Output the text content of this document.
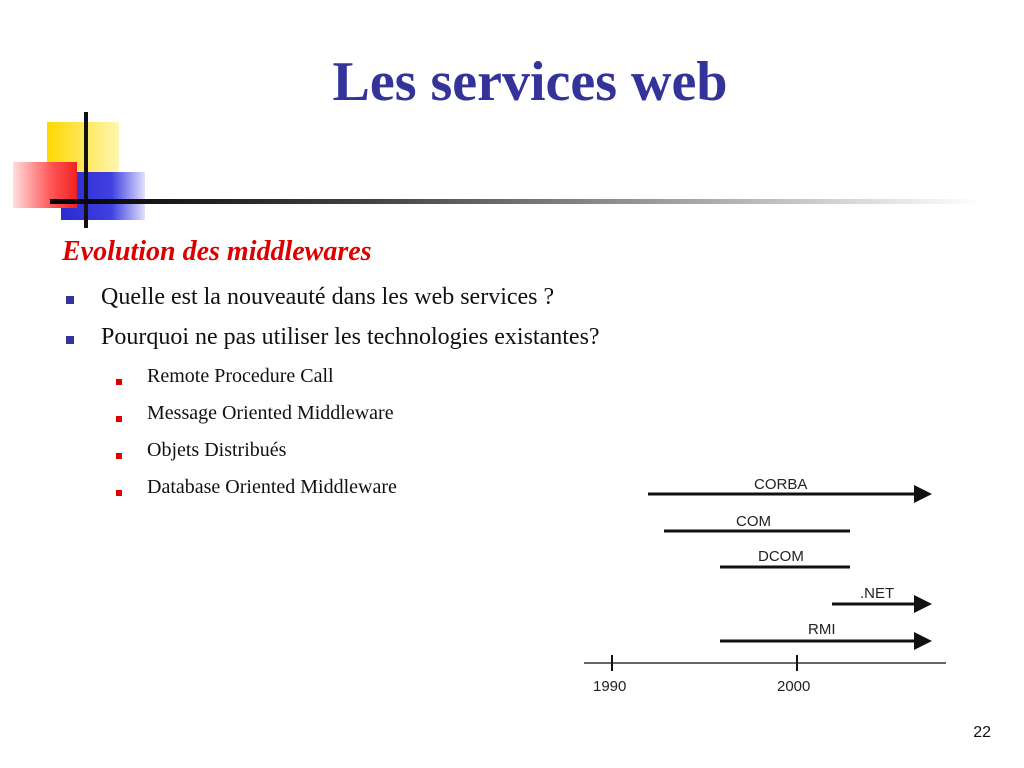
Les services web

Evolution des middlewares

Quelle est la nouveauté dans les web services ?
Pourquoi ne pas utiliser les technologies existantes?
Remote Procedure Call
Message Oriented Middleware
Objets Distribués
Database Oriented Middleware	CORBA
COM
DCOM
.NET
RMI
1990	2000
22
